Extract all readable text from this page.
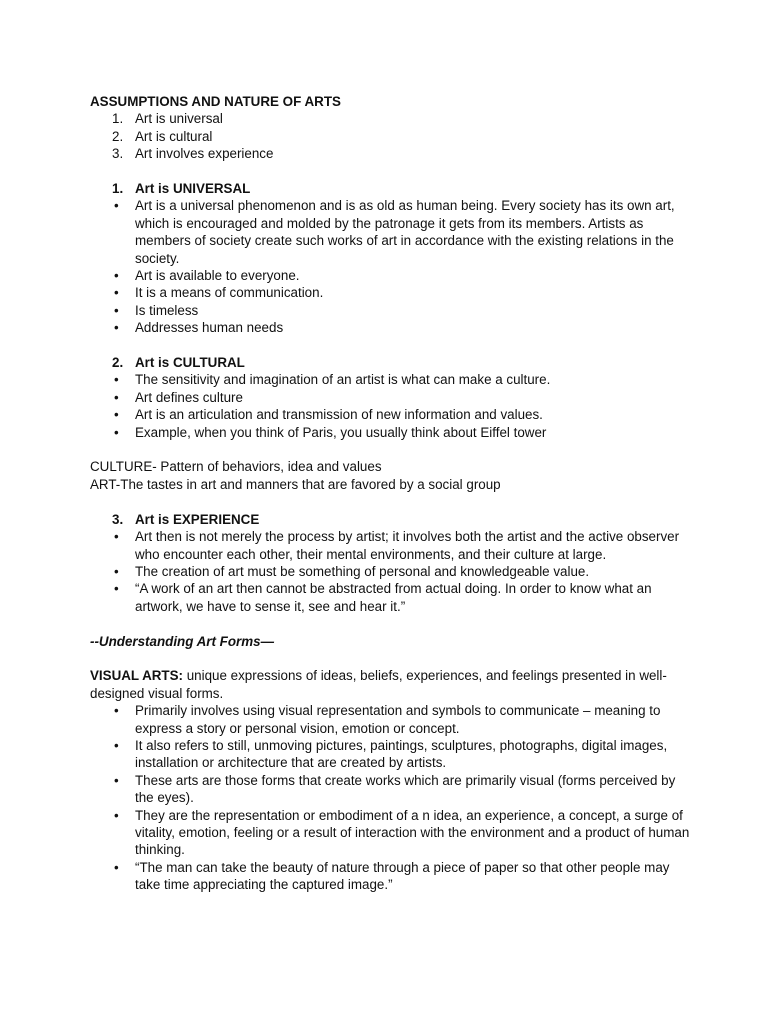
ASSUMPTIONS AND NATURE OF ARTS
1. Art is universal
2. Art is cultural
3. Art involves experience
1. Art is UNIVERSAL
• Art is a universal phenomenon and is as old as human being. Every society has its own art, which is encouraged and molded by the patronage it gets from its members. Artists as members of society create such works of art in accordance with the existing relations in the society.
• Art is available to everyone.
• It is a means of communication.
• Is timeless
• Addresses human needs
2. Art is CULTURAL
• The sensitivity and imagination of an artist is what can make a culture.
• Art defines culture
• Art is an articulation and transmission of new information and values.
• Example, when you think of Paris, you usually think about Eiffel tower

CULTURE- Pattern of behaviors, idea and values

ART-The tastes in art and manners that are favored by a social group

3. Art is EXPERIENCE
• Art then is not merely the process by artist; it involves both the artist and the active observer who encounter each other, their mental environments, and their culture at large.
• The creation of art must be something of personal and knowledgeable value.
• “A work of an art then cannot be abstracted from actual doing. In order to know what an artwork, we have to sense it, see and hear it.”
--Understanding Art Forms—

VISUAL ARTS: unique expressions of ideas, beliefs, experiences, and feelings presented in well-designed visual forms.

• Primarily involves using visual representation and symbols to communicate – meaning to express a story or personal vision, emotion or concept.
• It also refers to still, unmoving pictures, paintings, sculptures, photographs, digital images, installation or architecture that are created by artists.
• These arts are those forms that create works which are primarily visual (forms perceived by the eyes).
• They are the representation or embodiment of a n idea, an experience, a concept, a surge of vitality, emotion, feeling or a result of interaction with the environment and a product of human thinking.
• “The man can take the beauty of nature through a piece of paper so that other people may take time appreciating the captured image.”
